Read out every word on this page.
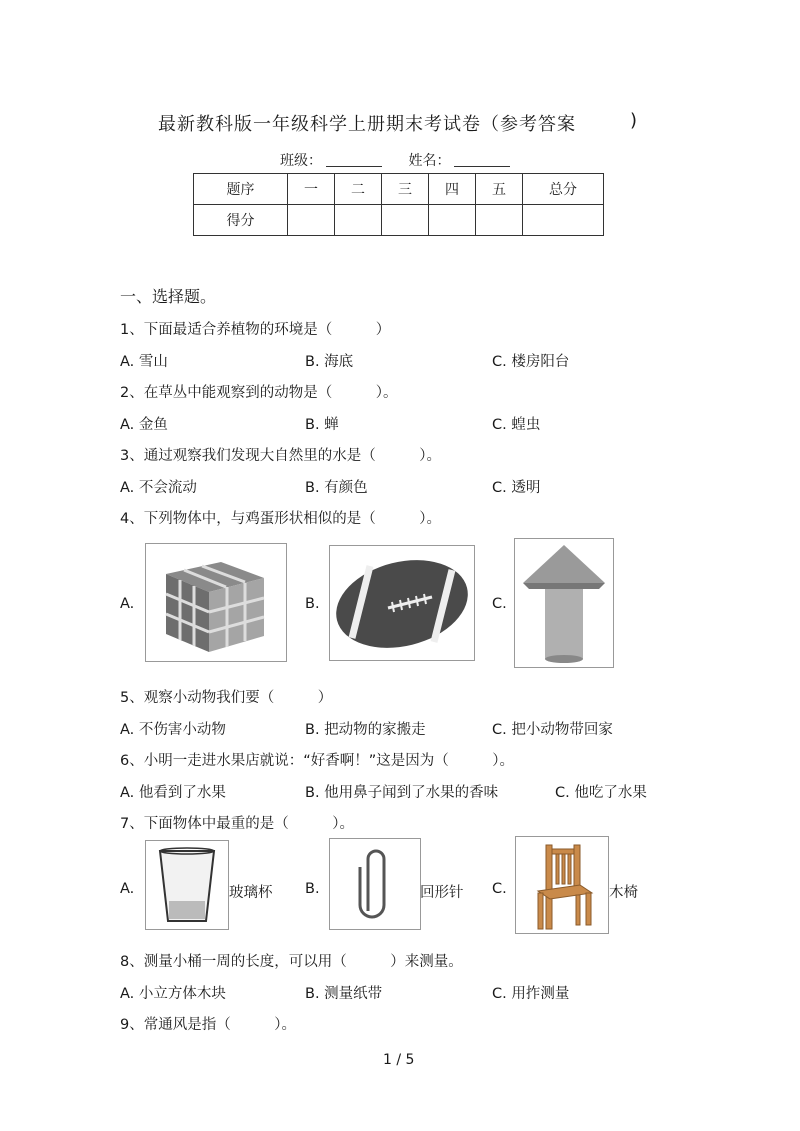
最新教科版一年级科学上册期末考试卷（参考答案	)
班级：	姓名：
题序	一	二	三	四	五	总分
得分						
一、选择题。
1、下面最适合养植物的环境是（　　　）
A. 雪山	B. 海底	C. 楼房阳台
2、在草丛中能观察到的动物是（　　　）。
A. 金鱼	B. 蝉	C. 蝗虫
3、通过观察我们发现大自然里的水是（　　　）。
A. 不会流动	B. 有颜色	C. 透明
4、下列物体中，与鸡蛋形状相似的是（　　　）。
A.	B.	C.
5、观察小动物我们要（　　　）
A. 不伤害小动物	B. 把动物的家搬走	C. 把小动物带回家
6、小明一走进水果店就说：“好香啊！”这是因为（　　　）。
A. 他看到了水果	B. 他用鼻子闻到了水果的香味	C. 他吃了水果
7、下面物体中最重的是（　　　）。
A.	玻璃杯 B.	回形针 C.	木椅
8、测量小桶一周的长度，可以用（　　　）来测量。
A. 小立方体木块	B. 测量纸带	C. 用拃测量
9、常通风是指（　　　）。
1 / 5
